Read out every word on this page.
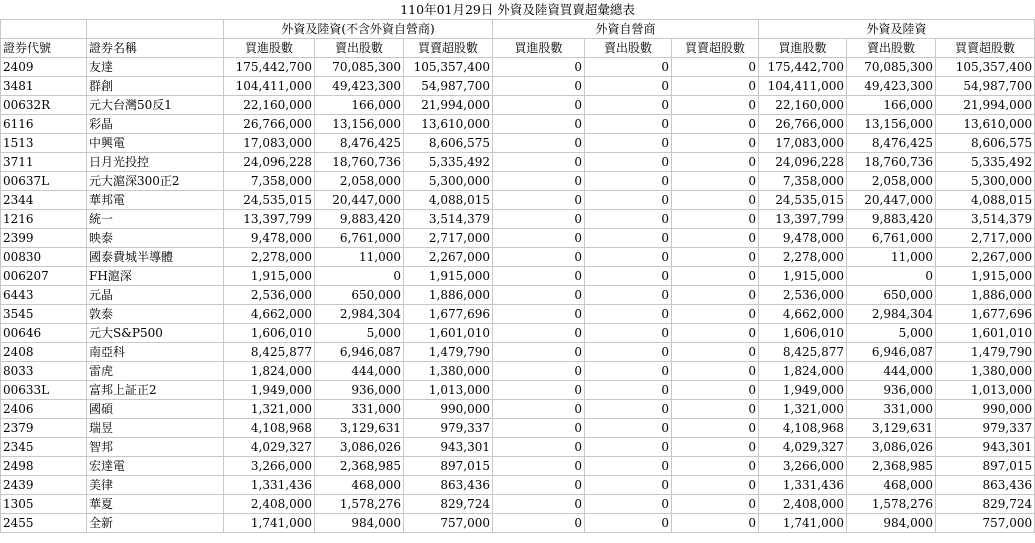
110年01月29日 外資及陸資買賣超彙總表										
		外資及陸資(不含外資自營商)			外資自營商			外資及陸資		
證券代號	證券名稱	買進股數	賣出股數	買賣超股數	買進股數	賣出股數	買賣超股數	買進股數	賣出股數	買賣超股數
2409	友達	175,442,700	70,085,300	105,357,400	0	0	0	175,442,700	70,085,300	105,357,400
3481	群創	104,411,000	49,423,300	54,987,700	0	0	0	104,411,000	49,423,300	54,987,700
00632R	元大台灣50反1	22,160,000	166,000	21,994,000	0	0	0	22,160,000	166,000	21,994,000
6116	彩晶	26,766,000	13,156,000	13,610,000	0	0	0	26,766,000	13,156,000	13,610,000
1513	中興電	17,083,000	8,476,425	8,606,575	0	0	0	17,083,000	8,476,425	8,606,575
3711	日月光投控	24,096,228	18,760,736	5,335,492	0	0	0	24,096,228	18,760,736	5,335,492
00637L	元大滬深300正2	7,358,000	2,058,000	5,300,000	0	0	0	7,358,000	2,058,000	5,300,000
2344	華邦電	24,535,015	20,447,000	4,088,015	0	0	0	24,535,015	20,447,000	4,088,015
1216	統一	13,397,799	9,883,420	3,514,379	0	0	0	13,397,799	9,883,420	3,514,379
2399	映泰	9,478,000	6,761,000	2,717,000	0	0	0	9,478,000	6,761,000	2,717,000
00830	國泰費城半導體	2,278,000	11,000	2,267,000	0	0	0	2,278,000	11,000	2,267,000
006207	FH滬深	1,915,000	0	1,915,000	0	0	0	1,915,000	0	1,915,000
6443	元晶	2,536,000	650,000	1,886,000	0	0	0	2,536,000	650,000	1,886,000
3545	敦泰	4,662,000	2,984,304	1,677,696	0	0	0	4,662,000	2,984,304	1,677,696
00646	元大S&P500	1,606,010	5,000	1,601,010	0	0	0	1,606,010	5,000	1,601,010
2408	南亞科	8,425,877	6,946,087	1,479,790	0	0	0	8,425,877	6,946,087	1,479,790
8033	雷虎	1,824,000	444,000	1,380,000	0	0	0	1,824,000	444,000	1,380,000
00633L	富邦上証正2	1,949,000	936,000	1,013,000	0	0	0	1,949,000	936,000	1,013,000
2406	國碩	1,321,000	331,000	990,000	0	0	0	1,321,000	331,000	990,000
2379	瑞昱	4,108,968	3,129,631	979,337	0	0	0	4,108,968	3,129,631	979,337
2345	智邦	4,029,327	3,086,026	943,301	0	0	0	4,029,327	3,086,026	943,301
2498	宏達電	3,266,000	2,368,985	897,015	0	0	0	3,266,000	2,368,985	897,015
2439	美律	1,331,436	468,000	863,436	0	0	0	1,331,436	468,000	863,436
1305	華夏	2,408,000	1,578,276	829,724	0	0	0	2,408,000	1,578,276	829,724
2455	全新	1,741,000	984,000	757,000	0	0	0	1,741,000	984,000	757,000
